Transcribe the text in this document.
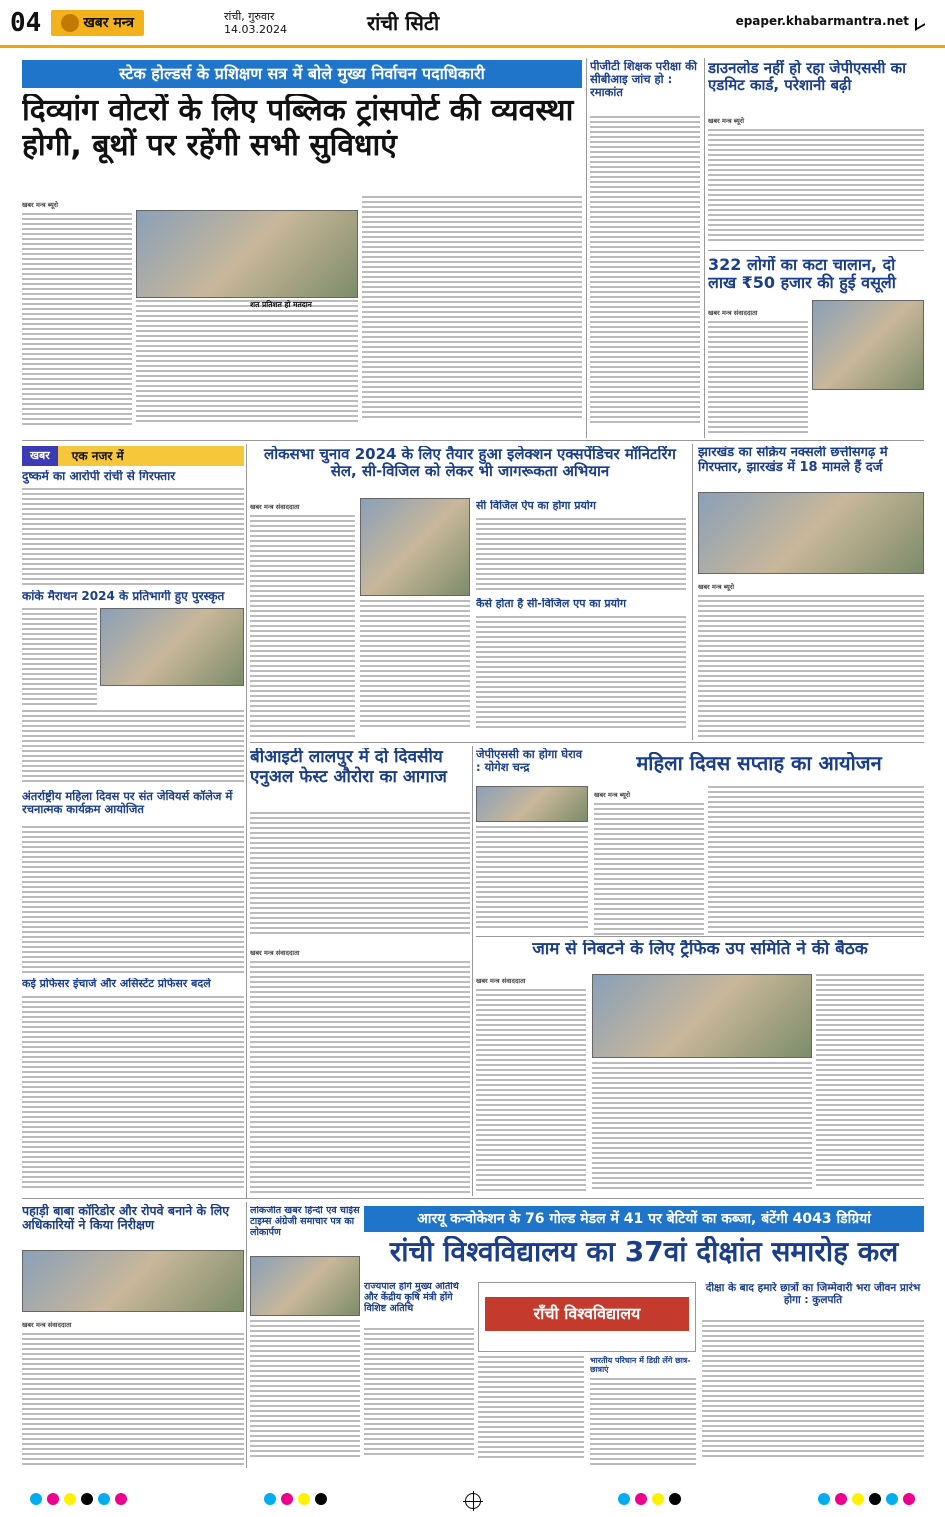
04	खबर मन्त्र	रांची, गुरुवार
14.03.2024	रांची सिटी	epaper.khabarmantra.net
स्टेक होल्डर्स के प्रशिक्षण सत्र में बोले मुख्य निर्वाचन पदाधिकारी
दिव्यांग वोटरों के लिए पब्लिक ट्रांसपोर्ट की व्यवस्था होगी, बूथों पर रहेंगी सभी सुविधाएं
खबर मन्त्र ब्यूरो
शत प्रतिशत हो मतदान
पीजीटी शिक्षक परीक्षा की सीबीआइ जांच हो : रमाकांत
डाउनलोड नहीं हो रहा जेपीएससी का एडमिट कार्ड, परेशानी बढ़ी
खबर मन्त्र ब्यूरो
322 लोगों का कटा चालान, दो लाख ₹50 हजार की हुई वसूली
खबर मन्त्र संवाददाता
खबर	एक नजर में
दुष्कर्म का आरोपी रांची से गिरफ्तार
कांके मैराथन 2024 के प्रतिभागी हुए पुरस्कृत
अंतर्राष्ट्रीय महिला दिवस पर संत जेवियर्स कॉलेज में रचनात्मक कार्यक्रम आयोजित
कई प्रोफेसर इंचार्ज और असिस्टेंट प्रोफेसर बदले
लोकसभा चुनाव 2024 के लिए तैयार हुआ इलेक्शन एक्सपेंडिचर मॉनिटरिंग सेल, सी-विजिल को लेकर भी जागरूकता अभियान
खबर मन्त्र संवाददाता	सी विजिल ऐप का होगा प्रयोग
कैसे होता है सी-विजिल एप का प्रयोग
झारखंड का सक्रिय नक्सली छत्तीसगढ़ में गिरफ्तार, झारखंड में 18 मामले हैं दर्ज
खबर मन्त्र ब्यूरो
बीआइटी लालपुर में दो दिवसीय एनुअल फेस्ट औरोरा का आगाज
खबर मन्त्र संवाददाता
जेपीएससी का होगा घेराव : योगेश चन्द्र	महिला दिवस सप्ताह का आयोजन
खबर मन्त्र ब्यूरो
जाम से निबटने के लिए ट्रैफिक उप समिति ने की बैठक
खबर मन्त्र संवाददाता
पहाड़ी बाबा कॉरिडोर और रोपवे बनाने के लिए अधिकारियों ने किया निरीक्षण
खबर मन्त्र संवाददाता
लोकजीत खबर हिन्दी एवं चांईस टाइम्स अंग्रेजी समाचार पत्र का लोकार्पण
आरयू कन्वोकेशन के 76 गोल्ड मेडल में 41 पर बेटियों का कब्जा, बंटेंगी 4043 डिग्रियां
रांची विश्वविद्यालय का 37वां दीक्षांत समारोह कल
राज्यपाल होंगे मुख्य अतिथि और केंद्रीय कृषि मंत्री होंगे विशिष्ट अतिथि	राँची विश्वविद्यालय
भारतीय परिधान में डिग्री लेंगे छात्र-छात्राएं
दीक्षा के बाद हमारे छात्रों का जिम्मेवारी भरा जीवन प्रारंभ होगा : कुलपति
